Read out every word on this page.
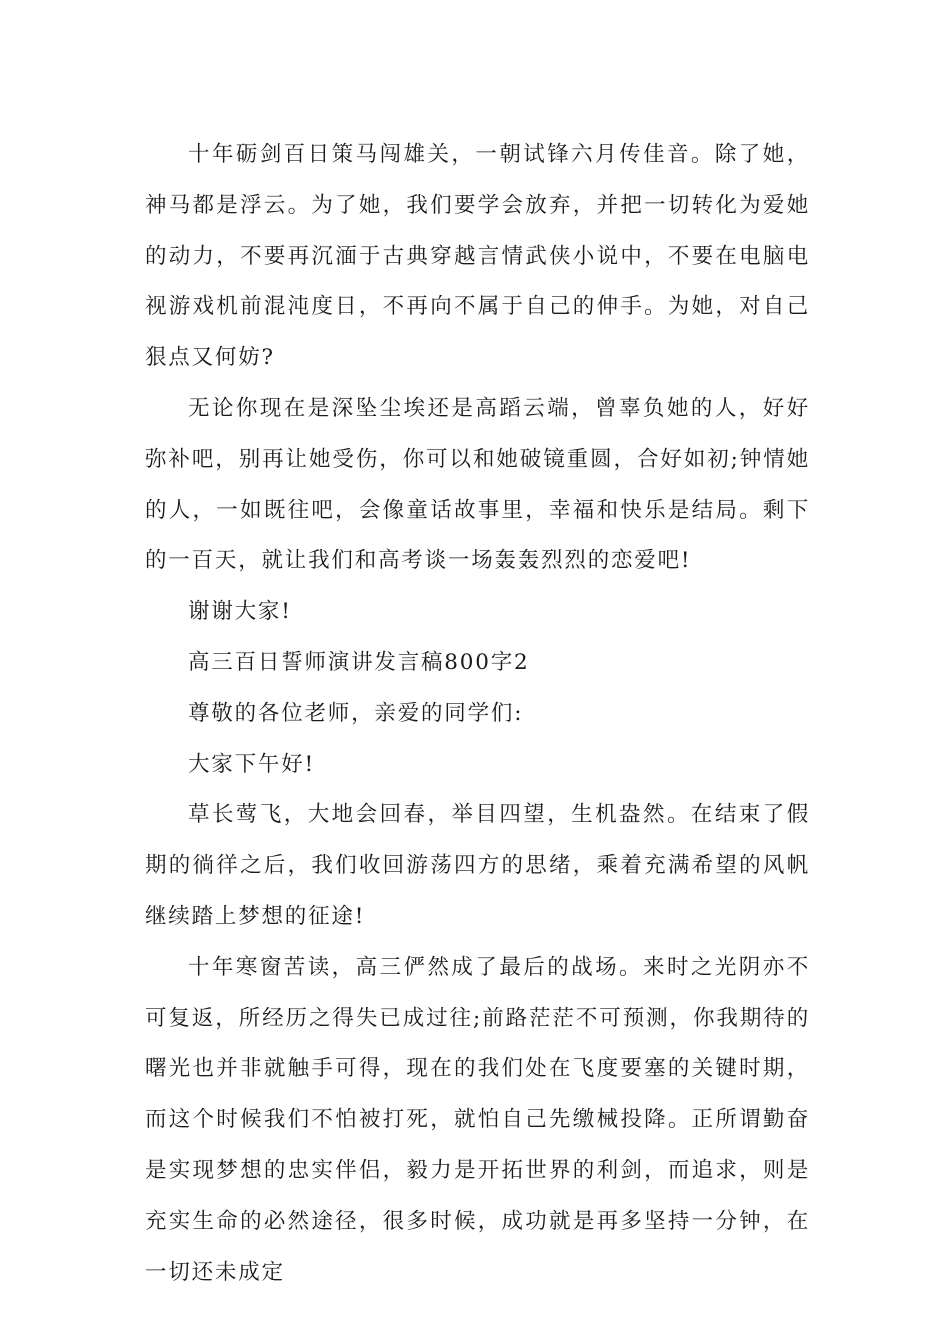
十年砺剑百日策马闯雄关，一朝试锋六月传佳音。除了她，神马都是浮云。为了她，我们要学会放弃，并把一切转化为爱她的动力，不要再沉湎于古典穿越言情武侠小说中，不要在电脑电视游戏机前混沌度日，不再向不属于自己的伸手。为她，对自己狠点又何妨?

无论你现在是深坠尘埃还是高蹈云端，曾辜负她的人，好好弥补吧，别再让她受伤，你可以和她破镜重圆，合好如初;钟情她的人，一如既往吧，会像童话故事里，幸福和快乐是结局。剩下的一百天，就让我们和高考谈一场轰轰烈烈的恋爱吧!

谢谢大家!

高三百日誓师演讲发言稿800字2

尊敬的各位老师，亲爱的同学们:

大家下午好!

草长莺飞，大地会回春，举目四望，生机盎然。在结束了假期的徜徉之后，我们收回游荡四方的思绪，乘着充满希望的风帆继续踏上梦想的征途!

十年寒窗苦读，高三俨然成了最后的战场。来时之光阴亦不可复返，所经历之得失已成过往;前路茫茫不可预测，你我期待的曙光也并非就触手可得，现在的我们处在飞度要塞的关键时期，而这个时候我们不怕被打死，就怕自己先缴械投降。正所谓勤奋是实现梦想的忠实伴侣，毅力是开拓世界的利剑，而追求，则是充实生命的必然途径，很多时候，成功就是再多坚持一分钟，在一切还未成定
